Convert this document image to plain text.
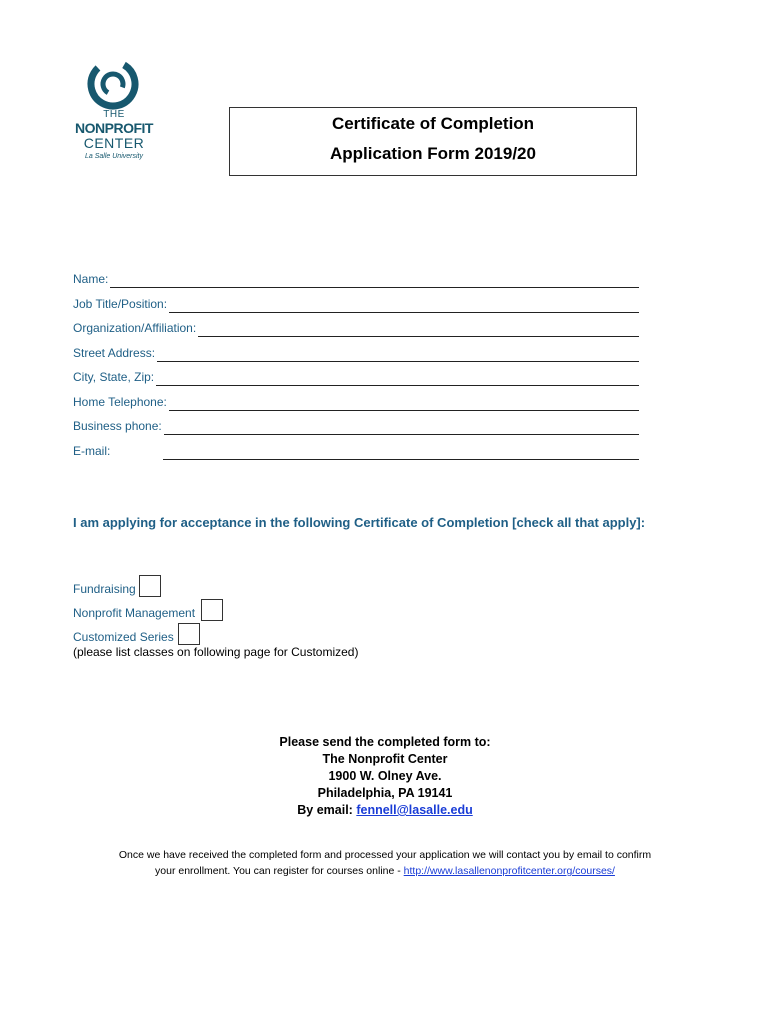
THE
NONPROFIT
CENTER
La Salle University
Certificate of Completion
Application Form 2019/20
Name:
Job Title/Position:
Organization/Affiliation:
Street Address:
City, State, Zip:
Home Telephone:
Business phone:
E-mail:
I am applying for acceptance in the following Certificate of Completion [check all that apply]:
Fundraising
Nonprofit Management
Customized Series
(please list classes on following page for Customized)
Please send the completed form to:
The Nonprofit Center
1900 W. Olney Ave.
Philadelphia, PA 19141
By email: fennell@lasalle.edu
Once we have received the completed form and processed your application we will contact you by email to confirm
your enrollment. You can register for courses online - http://www.lasallenonprofitcenter.org/courses/
